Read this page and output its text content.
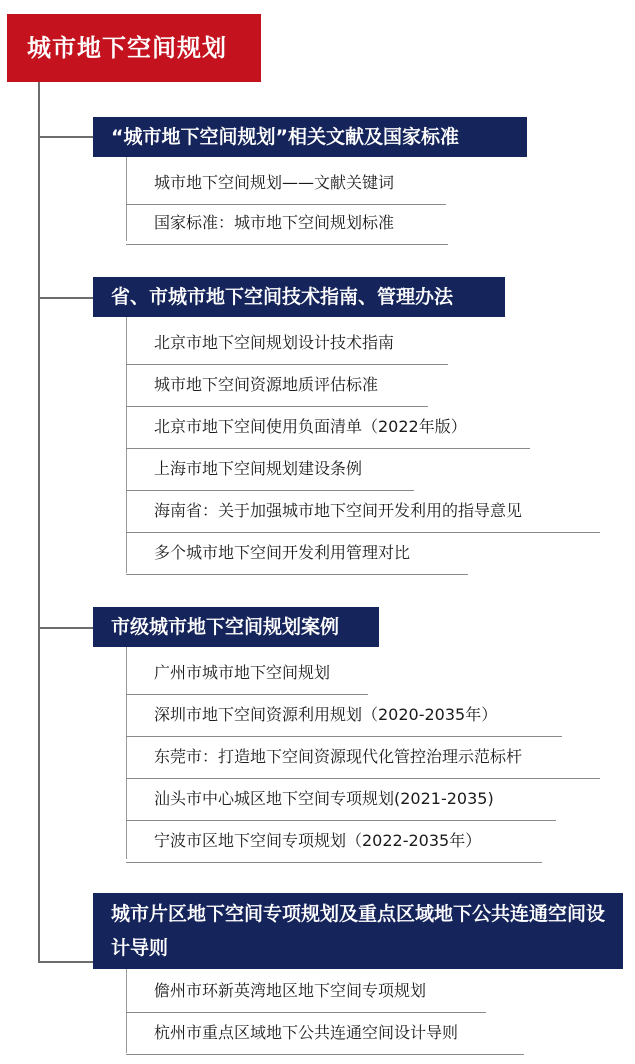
城市地下空间规划
“城市地下空间规划”相关文献及国家标准
城市地下空间规划——文献关键词
国家标准：城市地下空间规划标准
省、市城市地下空间技术指南、管理办法
北京市地下空间规划设计技术指南
城市地下空间资源地质评估标准
北京市地下空间使用负面清单（2022年版）
上海市地下空间规划建设条例
海南省：关于加强城市地下空间开发利用的指导意见
多个城市地下空间开发利用管理对比
市级城市地下空间规划案例
广州市城市地下空间规划
深圳市地下空间资源利用规划（2020-2035年）
东莞市：打造地下空间资源现代化管控治理示范标杆
汕头市中心城区地下空间专项规划(2021-2035)
宁波市区地下空间专项规划（2022-2035年）
城市片区地下空间专项规划及重点区域地下公共连通空间设计导则
儋州市环新英湾地区地下空间专项规划
杭州市重点区域地下公共连通空间设计导则
